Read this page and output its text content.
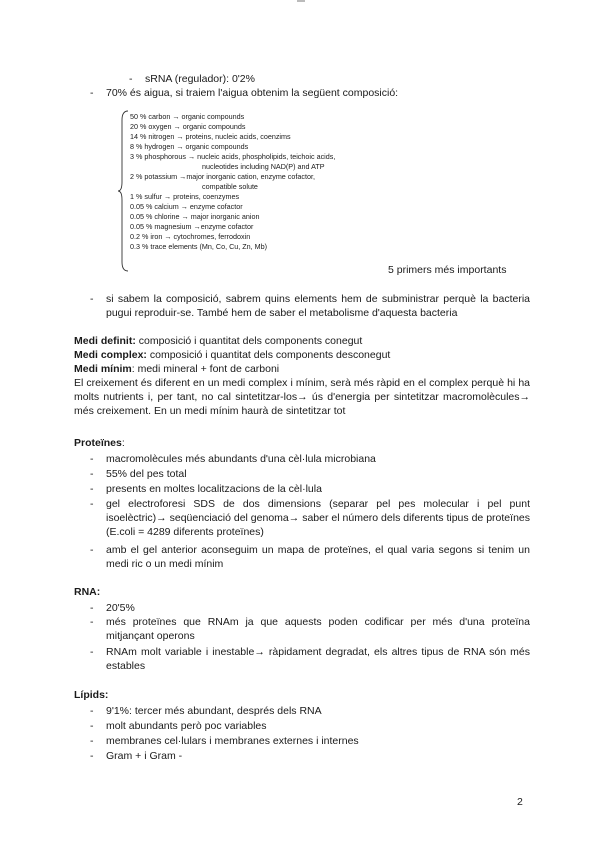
- sRNA (regulador): 0'2%
- 70% és aigua, si traiem l'aigua obtenim la següent composició:
50 % carbon → organic compounds
20 % oxygen → organic compounds
14 % nitrogen → proteins, nucleic acids, coenzims
8 % hydrogen → organic compounds
3 % phosphorous → nucleic acids, phospholipids, teichoic acids,
nucleotides including NAD(P) and ATP
2 % potassium →major inorganic cation, enzyme cofactor,
compatible solute
1 % sulfur → proteins, coenzymes
0.05 % calcium → enzyme cofactor
0.05 % chlorine → major inorganic anion
0.05 % magnesium →enzyme cofactor
0.2 % iron → cytochromes, ferrodoxin
0.3 % trace elements (Mn, Co, Cu, Zn, Mb)
5 primers més importants
- si sabem la composició, sabrem quins elements hem de subministrar perquè la bacteria pugui reproduir-se. També hem de saber el metabolisme d'aquesta bacteria
Medi definit: composició i quantitat dels components conegut
Medi complex: composició i quantitat dels components desconegut
Medi mínim: medi mineral + font de carboni
El creixement és diferent en un medi complex i mínim, serà més ràpid en el complex perquè hi ha molts nutrients i, per tant, no cal sintetitzar-los→ ús d'energia per sintetitzar macromolècules→ més creixement. En un medi mínim haurà de sintetitzar tot
Proteïnes:
- macromolècules més abundants d'una cèl·lula microbiana
- 55% del pes total
- presents en moltes localitzacions de la cèl·lula
- gel electroforesi SDS de dos dimensions (separar pel pes molecular i pel punt isoelèctric)→ seqüenciació del genoma→ saber el número dels diferents tipus de proteïnes (E.coli = 4289 diferents proteïnes)
- amb el gel anterior aconseguim un mapa de proteïnes, el qual varia segons si tenim un medi ric o un medi mínim
RNA:
- 20'5%
- més proteïnes que RNAm ja que aquests poden codificar per més d'una proteïna mitjançant operons
- RNAm molt variable i inestable→ ràpidament degradat, els altres tipus de RNA són més estables
Lípids:
- 9'1%: tercer més abundant, després dels RNA
- molt abundants però poc variables
- membranes cel·lulars i membranes externes i internes
- Gram + i Gram -
2
